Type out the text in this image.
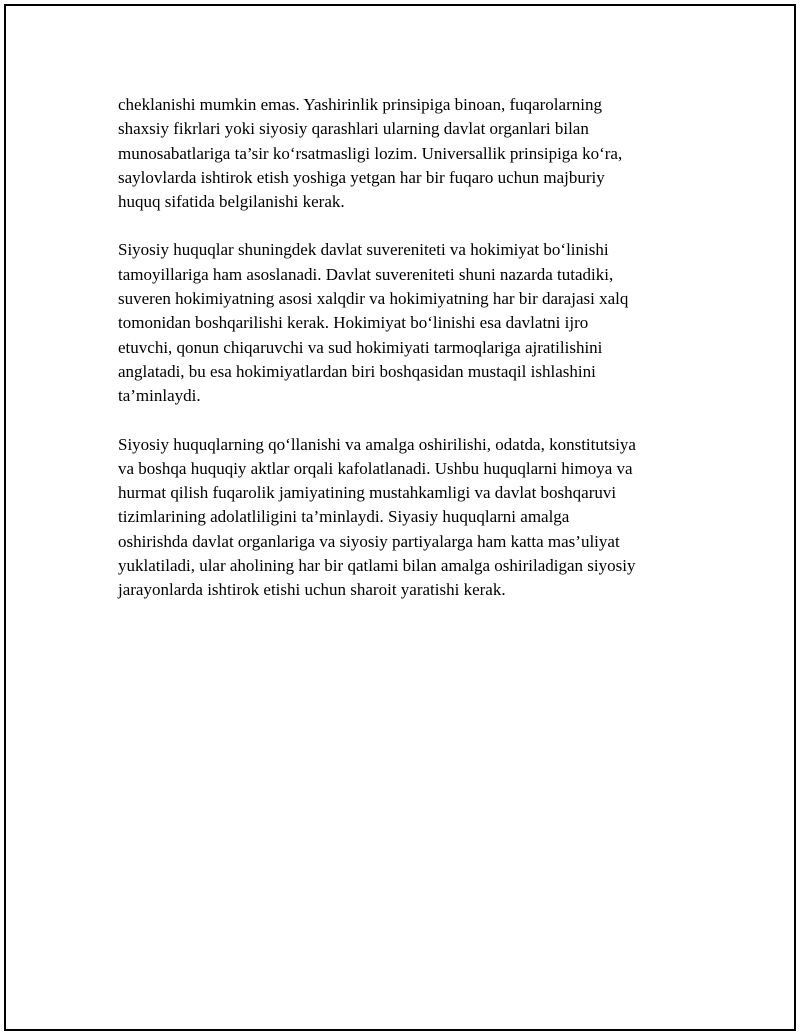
cheklanishi mumkin emas. Yashirinlik prinsipiga binoan, fuqarolarning
shaxsiy fikrlari yoki siyosiy qarashlari ularning davlat organlari bilan
munosabatlariga ta’sir ko‘rsatmasligi lozim. Universallik prinsipiga ko‘ra,
saylovlarda ishtirok etish yoshiga yetgan har bir fuqaro uchun majburiy
huquq sifatida belgilanishi kerak.

Siyosiy huquqlar shuningdek davlat suvereniteti va hokimiyat bo‘linishi
tamoyillariga ham asoslanadi. Davlat suvereniteti shuni nazarda tutadiki,
suveren hokimiyatning asosi xalqdir va hokimiyatning har bir darajasi xalq
tomonidan boshqarilishi kerak. Hokimiyat bo‘linishi esa davlatni ijro
etuvchi, qonun chiqaruvchi va sud hokimiyati tarmoqlariga ajratilishini
anglatadi, bu esa hokimiyatlardan biri boshqasidan mustaqil ishlashini
ta’minlaydi.

Siyosiy huquqlarning qo‘llanishi va amalga oshirilishi, odatda, konstitutsiya
va boshqa huquqiy aktlar orqali kafolatlanadi. Ushbu huquqlarni himoya va
hurmat qilish fuqarolik jamiyatining mustahkamligi va davlat boshqaruvi
tizimlarining adolatliligini ta’minlaydi. Siyasiy huquqlarni amalga
oshirishda davlat organlariga va siyosiy partiyalarga ham katta mas’uliyat
yuklatiladi, ular aholining har bir qatlami bilan amalga oshiriladigan siyosiy
jarayonlarda ishtirok etishi uchun sharoit yaratishi kerak.
